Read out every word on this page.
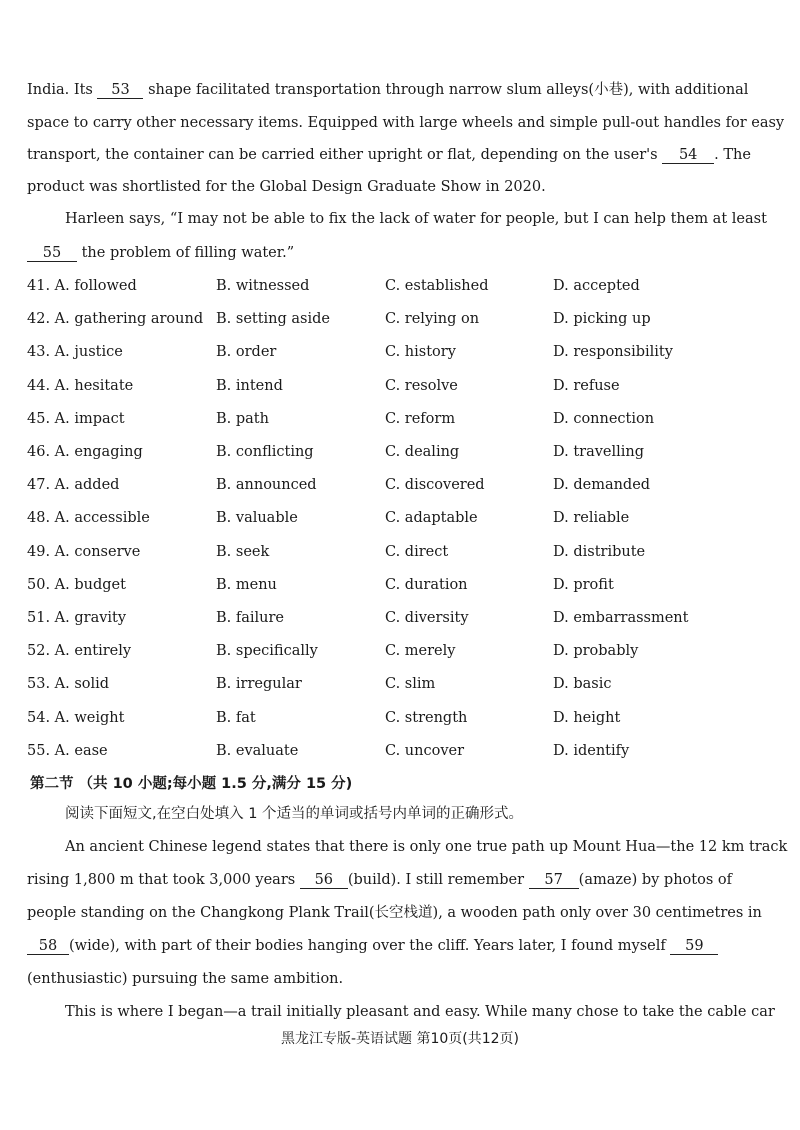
India. Its 53 shape facilitated transportation through narrow slum alleys(小巷), with additional
space to carry other necessary items. Equipped with large wheels and simple pull-out handles for easy
transport, the container can be carried either upright or flat, depending on the user's 54 . The
product was shortlisted for the Global Design Graduate Show in 2020.
Harleen says, “I may not be able to fix the lack of water for people, but I can help them at least
55 the problem of filling water.”
41. A. followed	B. witnessed	C. established	D. accepted
42. A. gathering around B. setting aside	C. relying on	D. picking up
43. A. justice	B. order	C. history	D. responsibility
44. A. hesitate	B. intend	C. resolve	D. refuse
45. A. impact	B. path	C. reform	D. connection
46. A. engaging	B. conflicting	C. dealing	D. travelling
47. A. added	B. announced	C. discovered	D. demanded
48. A. accessible	B. valuable	C. adaptable	D. reliable
49. A. conserve	B. seek	C. direct	D. distribute
50. A. budget	B. menu	C. duration	D. profit
51. A. gravity	B. failure	C. diversity	D. embarrassment
52. A. entirely	B. specifically	C. merely	D. probably
53. A. solid	B. irregular	C. slim	D. basic
54. A. weight	B. fat	C. strength	D. height
55. A. ease	B. evaluate	C. uncover	D. identify
第二节 （共 10 小题;每小题 1.5 分,满分 15 分)
阅读下面短文,在空白处填入 1 个适当的单词或括号内单词的正确形式。
An ancient Chinese legend states that there is only one true path up Mount Hua—the 12 km track
rising 1,800 m that took 3,000 years 56 (build). I still remember 57 (amaze) by photos of
people standing on the Changkong Plank Trail(长空栈道), a wooden path only over 30 centimetres in
58 (wide), with part of their bodies hanging over the cliff. Years later, I found myself 59
(enthusiastic) pursuing the same ambition.
This is where I began—a trail initially pleasant and easy. While many chose to take the cable car
黑龙江专版-英语试题 第10页(共12页)
